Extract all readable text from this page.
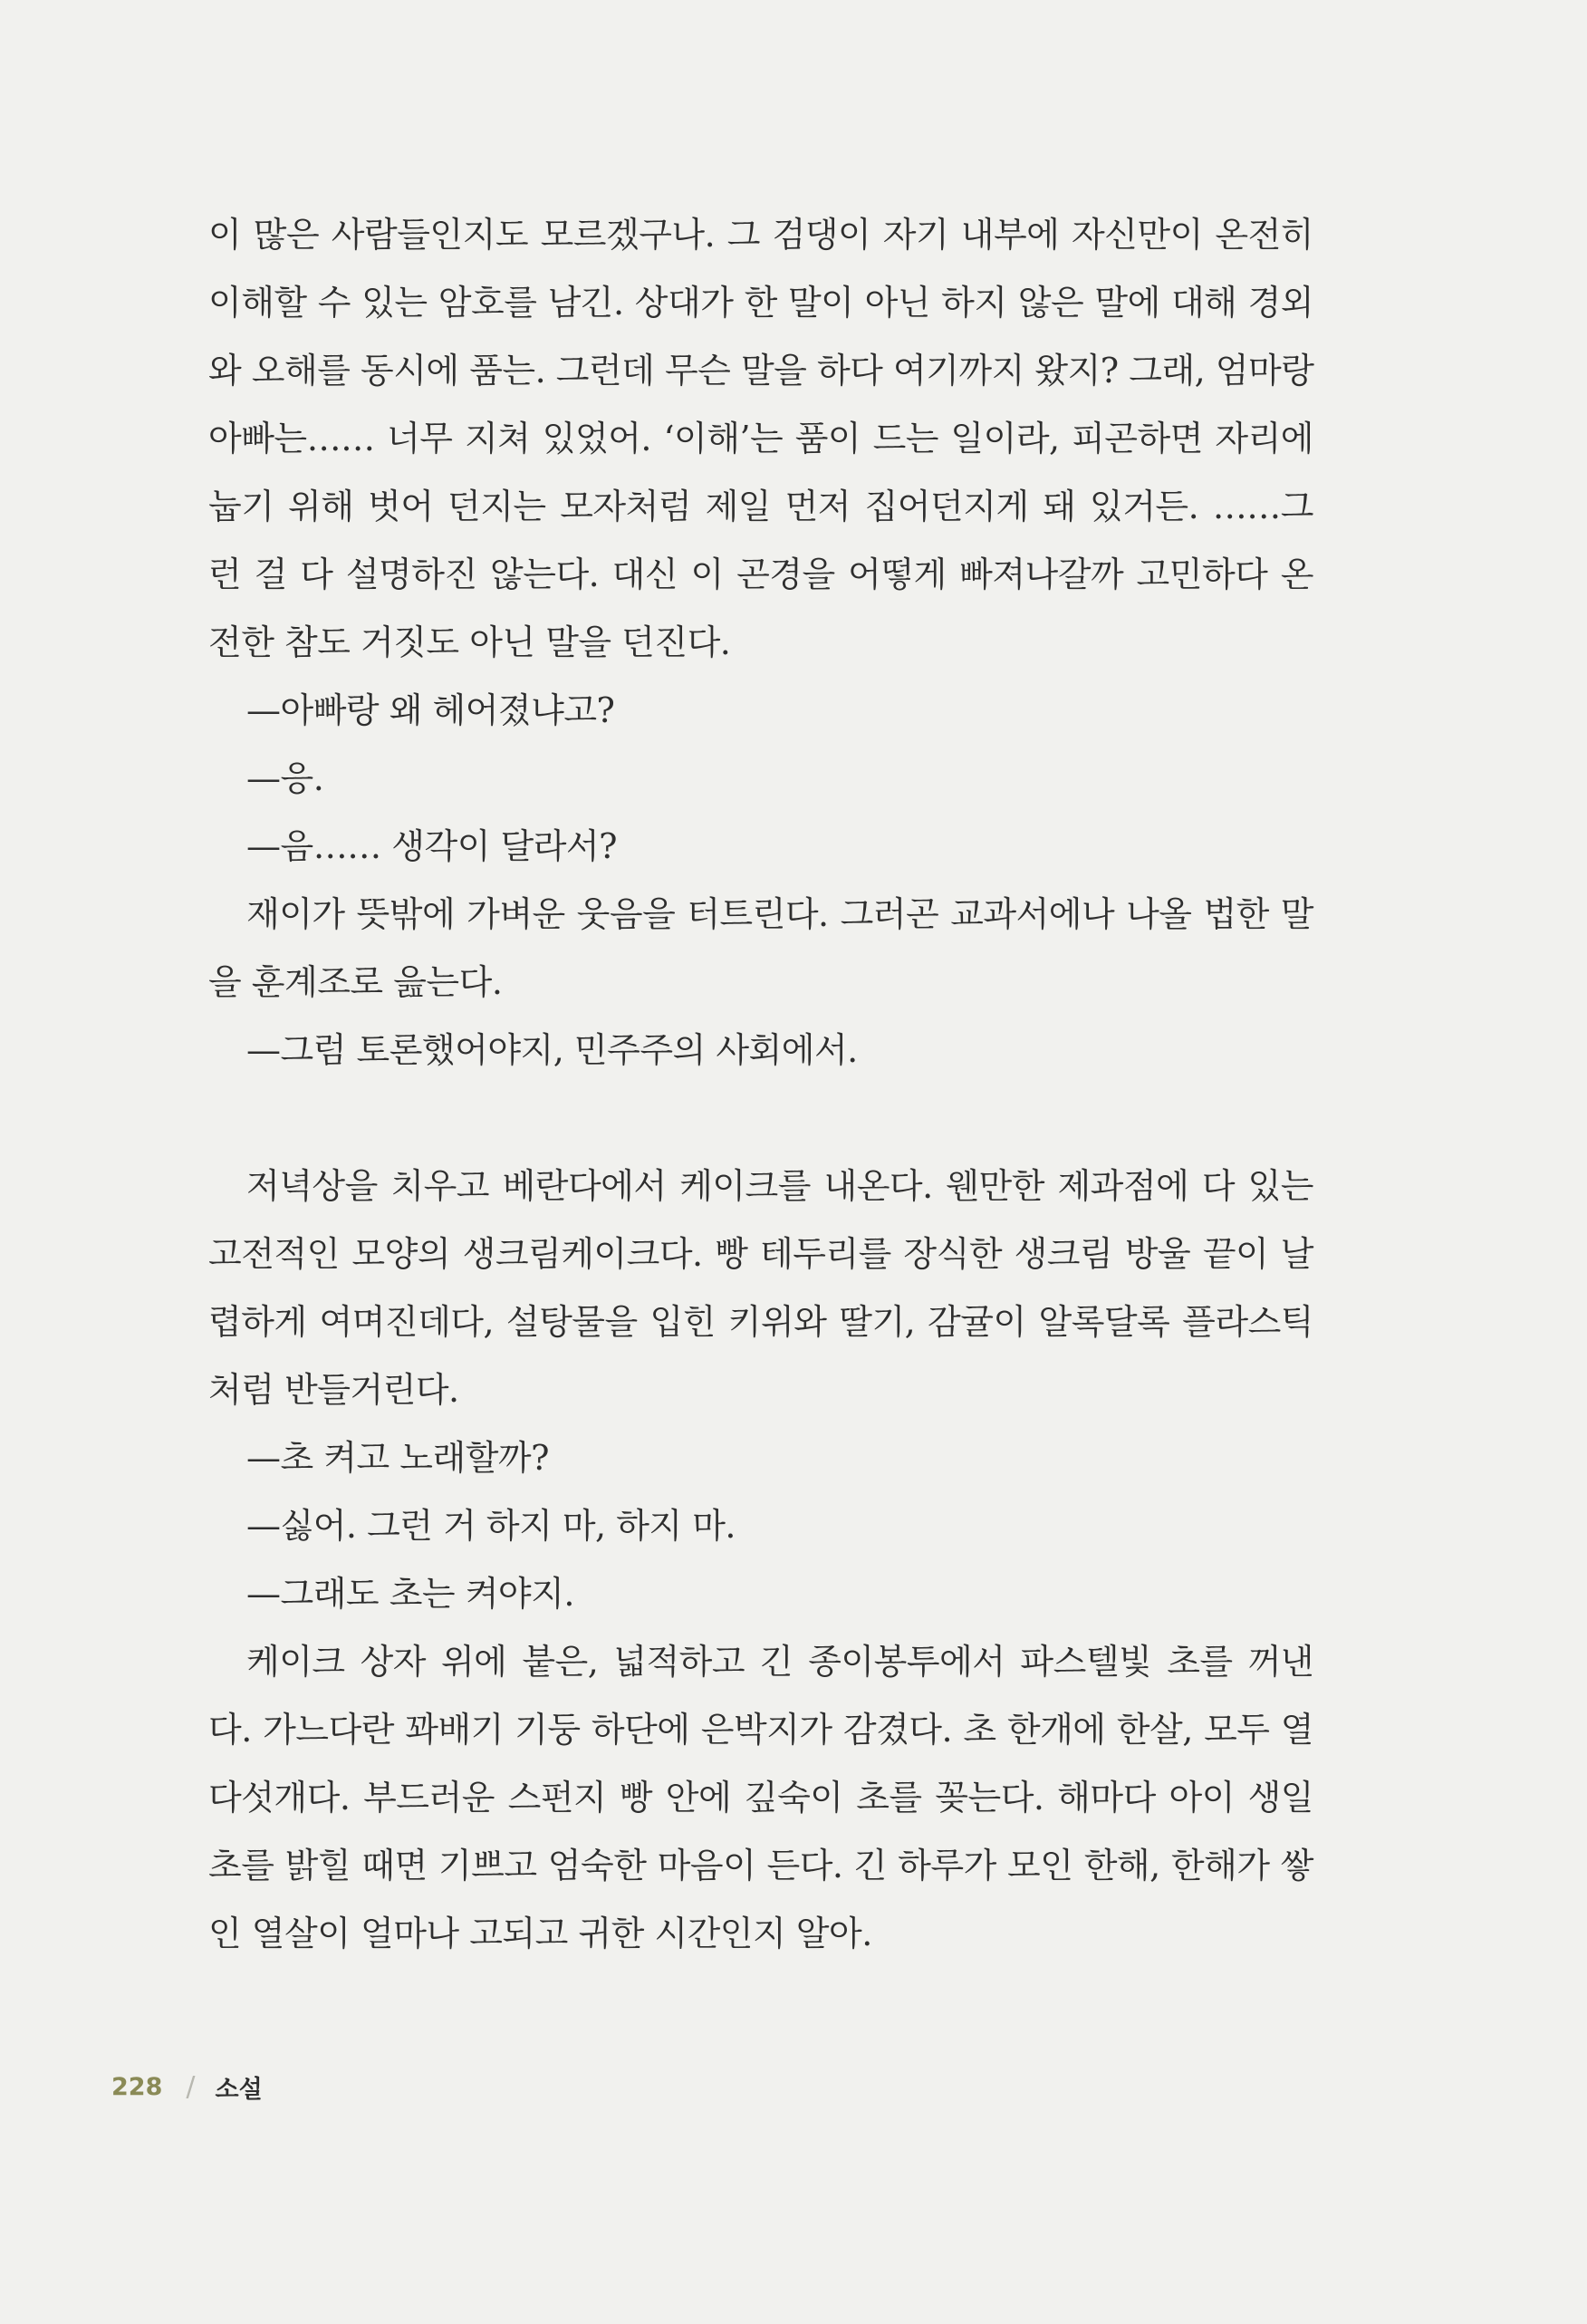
이 많은 사람들인지도 모르겠구나. 그 검댕이 자기 내부에 자신만이 온전히
이해할 수 있는 암호를 남긴. 상대가 한 말이 아닌 하지 않은 말에 대해 경외
와 오해를 동시에 품는. 그런데 무슨 말을 하다 여기까지 왔지? 그래, 엄마랑
아빠는…… 너무 지쳐 있었어. ‘이해’는 품이 드는 일이라, 피곤하면 자리에
눕기 위해 벗어 던지는 모자처럼 제일 먼저 집어던지게 돼 있거든. ……그
런 걸 다 설명하진 않는다. 대신 이 곤경을 어떻게 빠져나갈까 고민하다 온
전한 참도 거짓도 아닌 말을 던진다.
—아빠랑 왜 헤어졌냐고?
—응.
—음…… 생각이 달라서?
재이가 뜻밖에 가벼운 웃음을 터트린다. 그러곤 교과서에나 나올 법한 말
을 훈계조로 읊는다.
—그럼 토론했어야지, 민주주의 사회에서.
저녁상을 치우고 베란다에서 케이크를 내온다. 웬만한 제과점에 다 있는
고전적인 모양의 생크림케이크다. 빵 테두리를 장식한 생크림 방울 끝이 날
렵하게 여며진데다, 설탕물을 입힌 키위와 딸기, 감귤이 알록달록 플라스틱
처럼 반들거린다.
—초 켜고 노래할까?
—싫어. 그런 거 하지 마, 하지 마.
—그래도 초는 켜야지.
케이크 상자 위에 붙은, 넓적하고 긴 종이봉투에서 파스텔빛 초를 꺼낸
다. 가느다란 꽈배기 기둥 하단에 은박지가 감겼다. 초 한개에 한살, 모두 열
다섯개다. 부드러운 스펀지 빵 안에 깊숙이 초를 꽂는다. 해마다 아이 생일
초를 밝힐 때면 기쁘고 엄숙한 마음이 든다. 긴 하루가 모인 한해, 한해가 쌓
인 열살이 얼마나 고되고 귀한 시간인지 알아.
228 / 소설
